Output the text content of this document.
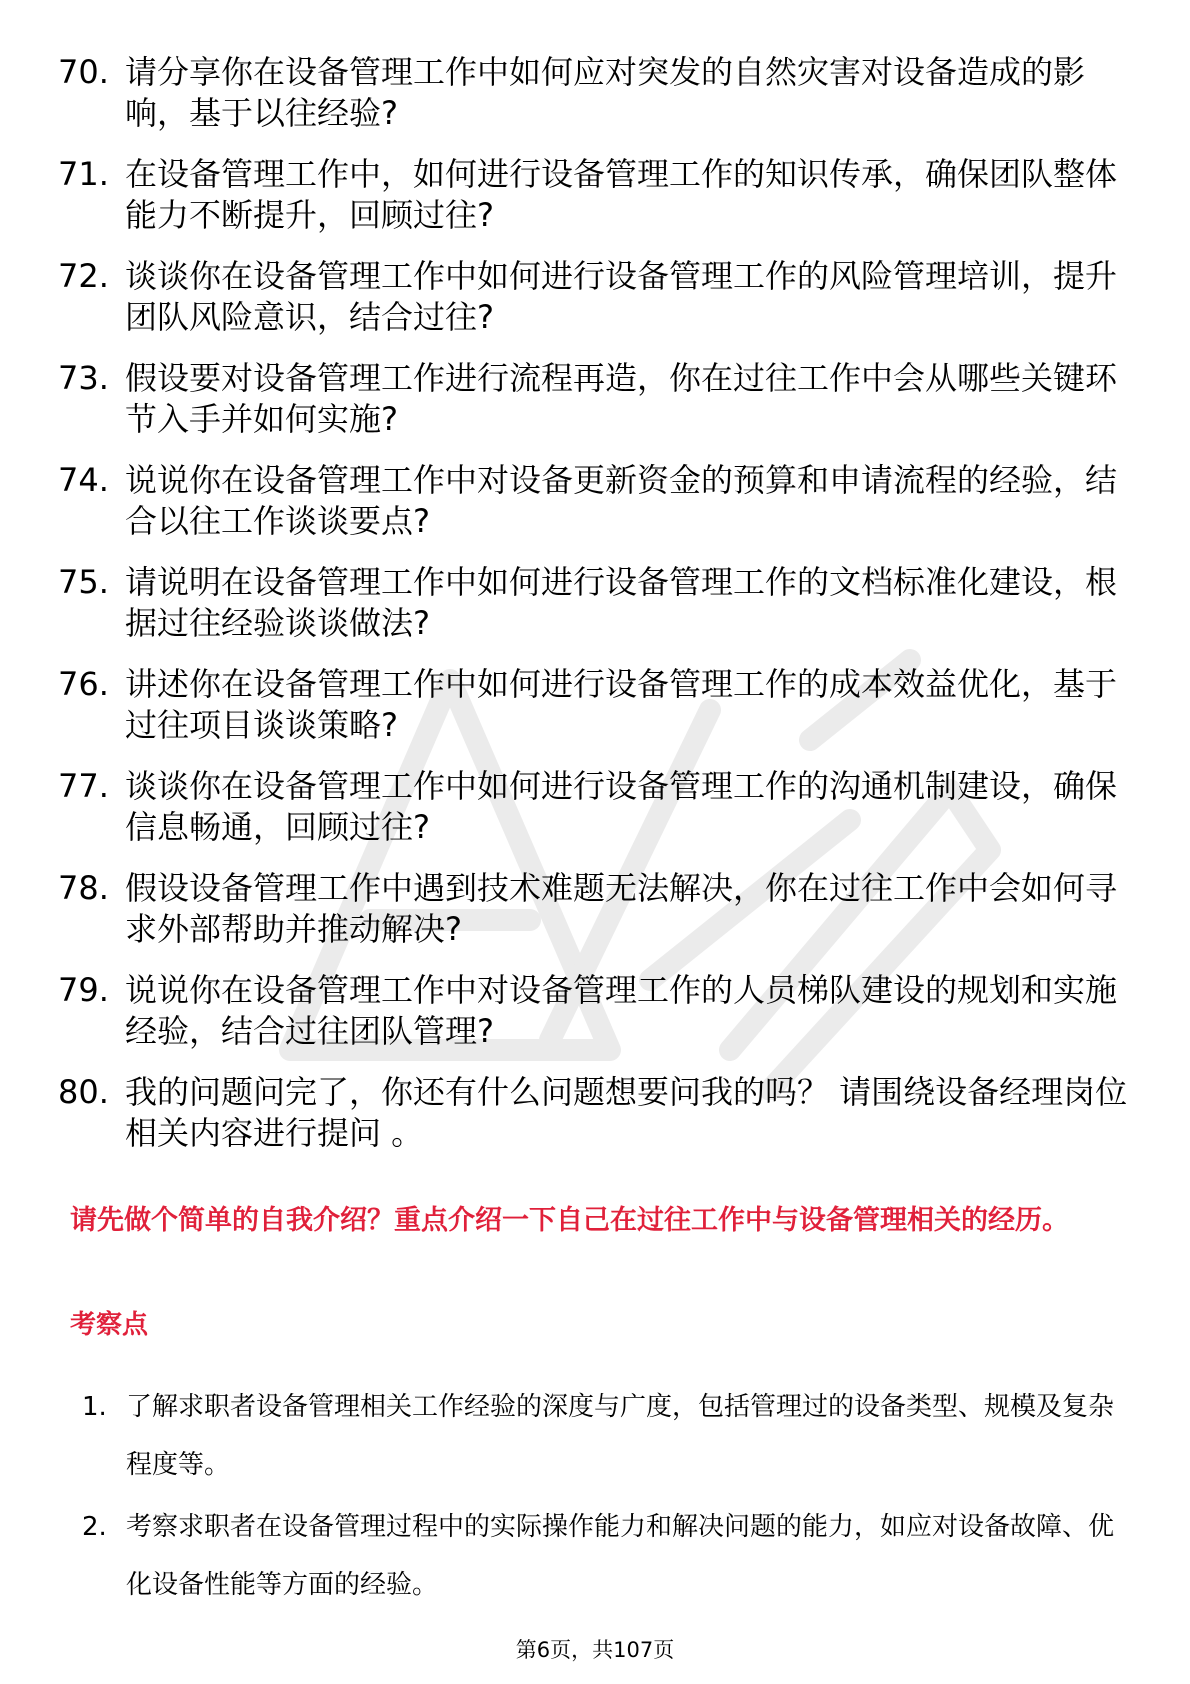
70. 请分享你在设备管理工作中如何应对突发的自然灾害对设备造成的影响，基于以往经验?
71. 在设备管理工作中，如何进行设备管理工作的知识传承，确保团队整体能力不断提升，回顾过往?
72. 谈谈你在设备管理工作中如何进行设备管理工作的风险管理培训，提升团队风险意识，结合过往?
73. 假设要对设备管理工作进行流程再造，你在过往工作中会从哪些关键环节入手并如何实施?
74. 说说你在设备管理工作中对设备更新资金的预算和申请流程的经验，结合以往工作谈谈要点?
75. 请说明在设备管理工作中如何进行设备管理工作的文档标准化建设，根据过往经验谈谈做法?
76. 讲述你在设备管理工作中如何进行设备管理工作的成本效益优化，基于过往项目谈谈策略?
77. 谈谈你在设备管理工作中如何进行设备管理工作的沟通机制建设，确保信息畅通，回顾过往?
78. 假设设备管理工作中遇到技术难题无法解决，你在过往工作中会如何寻求外部帮助并推动解决?
79. 说说你在设备管理工作中对设备管理工作的人员梯队建设的规划和实施经验，结合过往团队管理?
80. 我的问题问完了，你还有什么问题想要问我的吗？ 请围绕设备经理岗位相关内容进行提问 。
请先做个简单的自我介绍？重点介绍一下自己在过往工作中与设备管理相关的经历。
考察点
1. 了解求职者设备管理相关工作经验的深度与广度，包括管理过的设备类型、规模及复杂程度等。
2. 考察求职者在设备管理过程中的实际操作能力和解决问题的能力，如应对设备故障、优化设备性能等方面的经验。
第6页，共107页
